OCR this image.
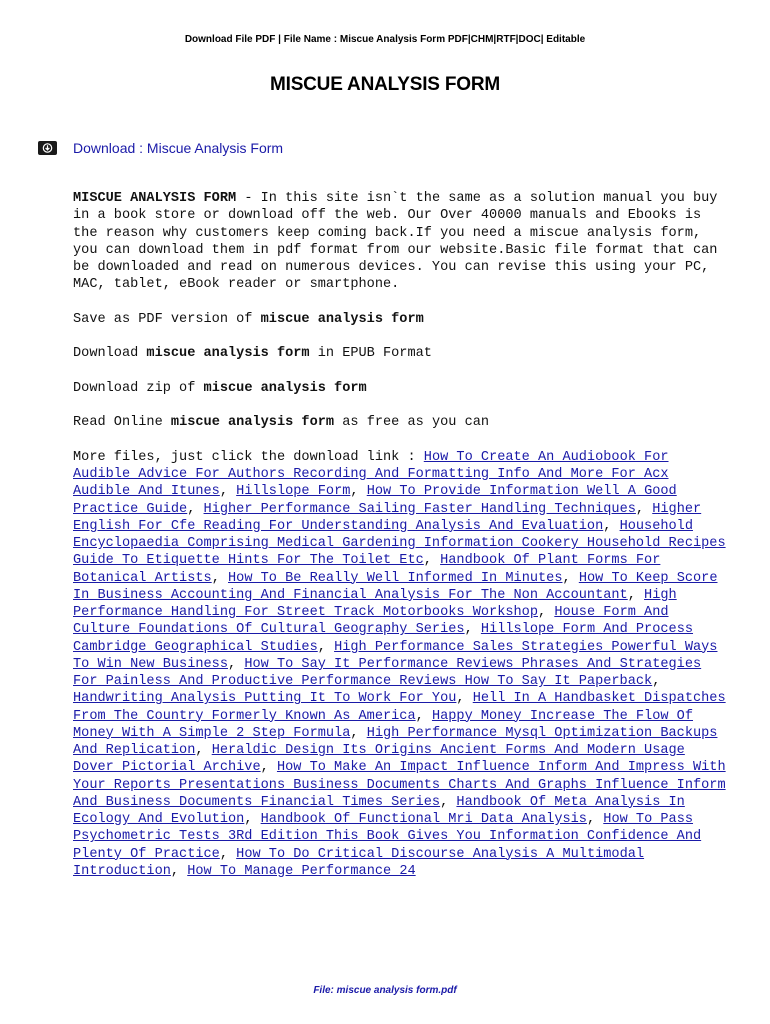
Download File PDF | File Name : Miscue Analysis Form PDF|CHM|RTF|DOC| Editable
MISCUE ANALYSIS FORM
Download : Miscue Analysis Form

MISCUE ANALYSIS FORM - In this site isn`t the same as a solution manual you buy in a book store or download off the web. Our Over 40000 manuals and Ebooks is the reason why customers keep coming back.If you need a miscue analysis form, you can download them in pdf format from our website.Basic file format that can be downloaded and read on numerous devices. You can revise this using your PC, MAC, tablet, eBook reader or smartphone.

Save as PDF version of miscue analysis form

Download miscue analysis form in EPUB Format

Download zip of miscue analysis form

Read Online miscue analysis form as free as you can

More files, just click the download link : How To Create An Audiobook For Audible Advice For Authors Recording And Formatting Info And More For Acx Audible And Itunes, Hillslope Form, How To Provide Information Well A Good Practice Guide, Higher Performance Sailing Faster Handling Techniques, Higher English For Cfe Reading For Understanding Analysis And Evaluation, Household Encyclopaedia Comprising Medical Gardening Information Cookery Household Recipes Guide To Etiquette Hints For The Toilet Etc, Handbook Of Plant Forms For Botanical Artists, How To Be Really Well Informed In Minutes, How To Keep Score In Business Accounting And Financial Analysis For The Non Accountant, High Performance Handling For Street Track Motorbooks Workshop, House Form And Culture Foundations Of Cultural Geography Series, Hillslope Form And Process Cambridge Geographical Studies, High Performance Sales Strategies Powerful Ways To Win New Business, How To Say It Performance Reviews Phrases And Strategies For Painless And Productive Performance Reviews How To Say It Paperback, Handwriting Analysis Putting It To Work For You, Hell In A Handbasket Dispatches From The Country Formerly Known As America, Happy Money Increase The Flow Of Money With A Simple 2 Step Formula, High Performance Mysql Optimization Backups And Replication, Heraldic Design Its Origins Ancient Forms And Modern Usage Dover Pictorial Archive, How To Make An Impact Influence Inform And Impress With Your Reports Presentations Business Documents Charts And Graphs Influence Inform And Business Documents Financial Times Series, Handbook Of Meta Analysis In Ecology And Evolution, Handbook Of Functional Mri Data Analysis, How To Pass Psychometric Tests 3Rd Edition This Book Gives You Information Confidence And Plenty Of Practice, How To Do Critical Discourse Analysis A Multimodal Introduction, How To Manage Performance 24

File: miscue analysis form.pdf
